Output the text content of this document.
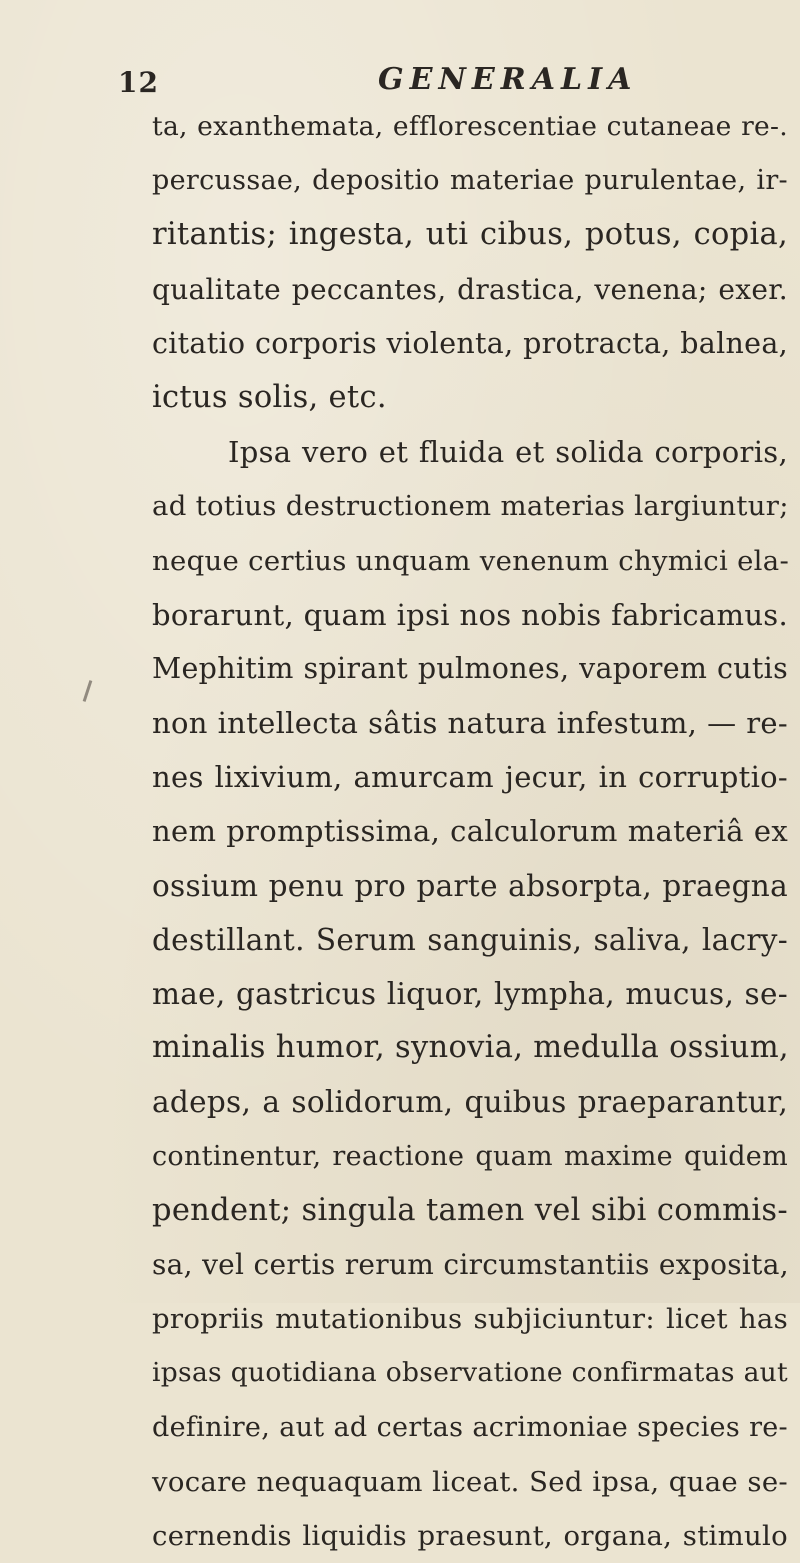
12	GENERALIA
ta, exanthemata, efflorescentiae cutaneae re-.
percussae, depositio materiae purulentae, ir-
ritantis; ingesta, uti cibus, potus, copia,
qualitate peccantes, drastica, venena; exer.
citatio corporis violenta, protracta, balnea,
ictus solis, etc.
Ipsa vero et fluida et solida corporis,
ad totius destructionem materias largiuntur;
neque certius unquam venenum chymici ela-
borarunt, quam ipsi nos nobis fabricamus.
Mephitim spirant pulmones, vaporem cutis
non intellecta sâtis natura infestum, — re-
nes lixivium, amurcam jecur, in corruptio-
nem promptissima, calculorum materiâ ex
ossium penu pro parte absorpta, praegna
destillant. Serum sanguinis, saliva, lacry-
mae, gastricus liquor, lympha, mucus, se-
minalis humor, synovia, medulla ossium,
adeps, a solidorum, quibus praeparantur,
continentur, reactione quam maxime quidem
pendent; singula tamen vel sibi commis-
sa, vel certis rerum circumstantiis exposita,
propriis mutationibus subjiciuntur: licet has
ipsas quotidiana observatione confirmatas aut
definire, aut ad certas acrimoniae species re-
vocare nequaquam liceat. Sed ipsa, quae se-
cernendis liquidis praesunt, organa, stimulo
